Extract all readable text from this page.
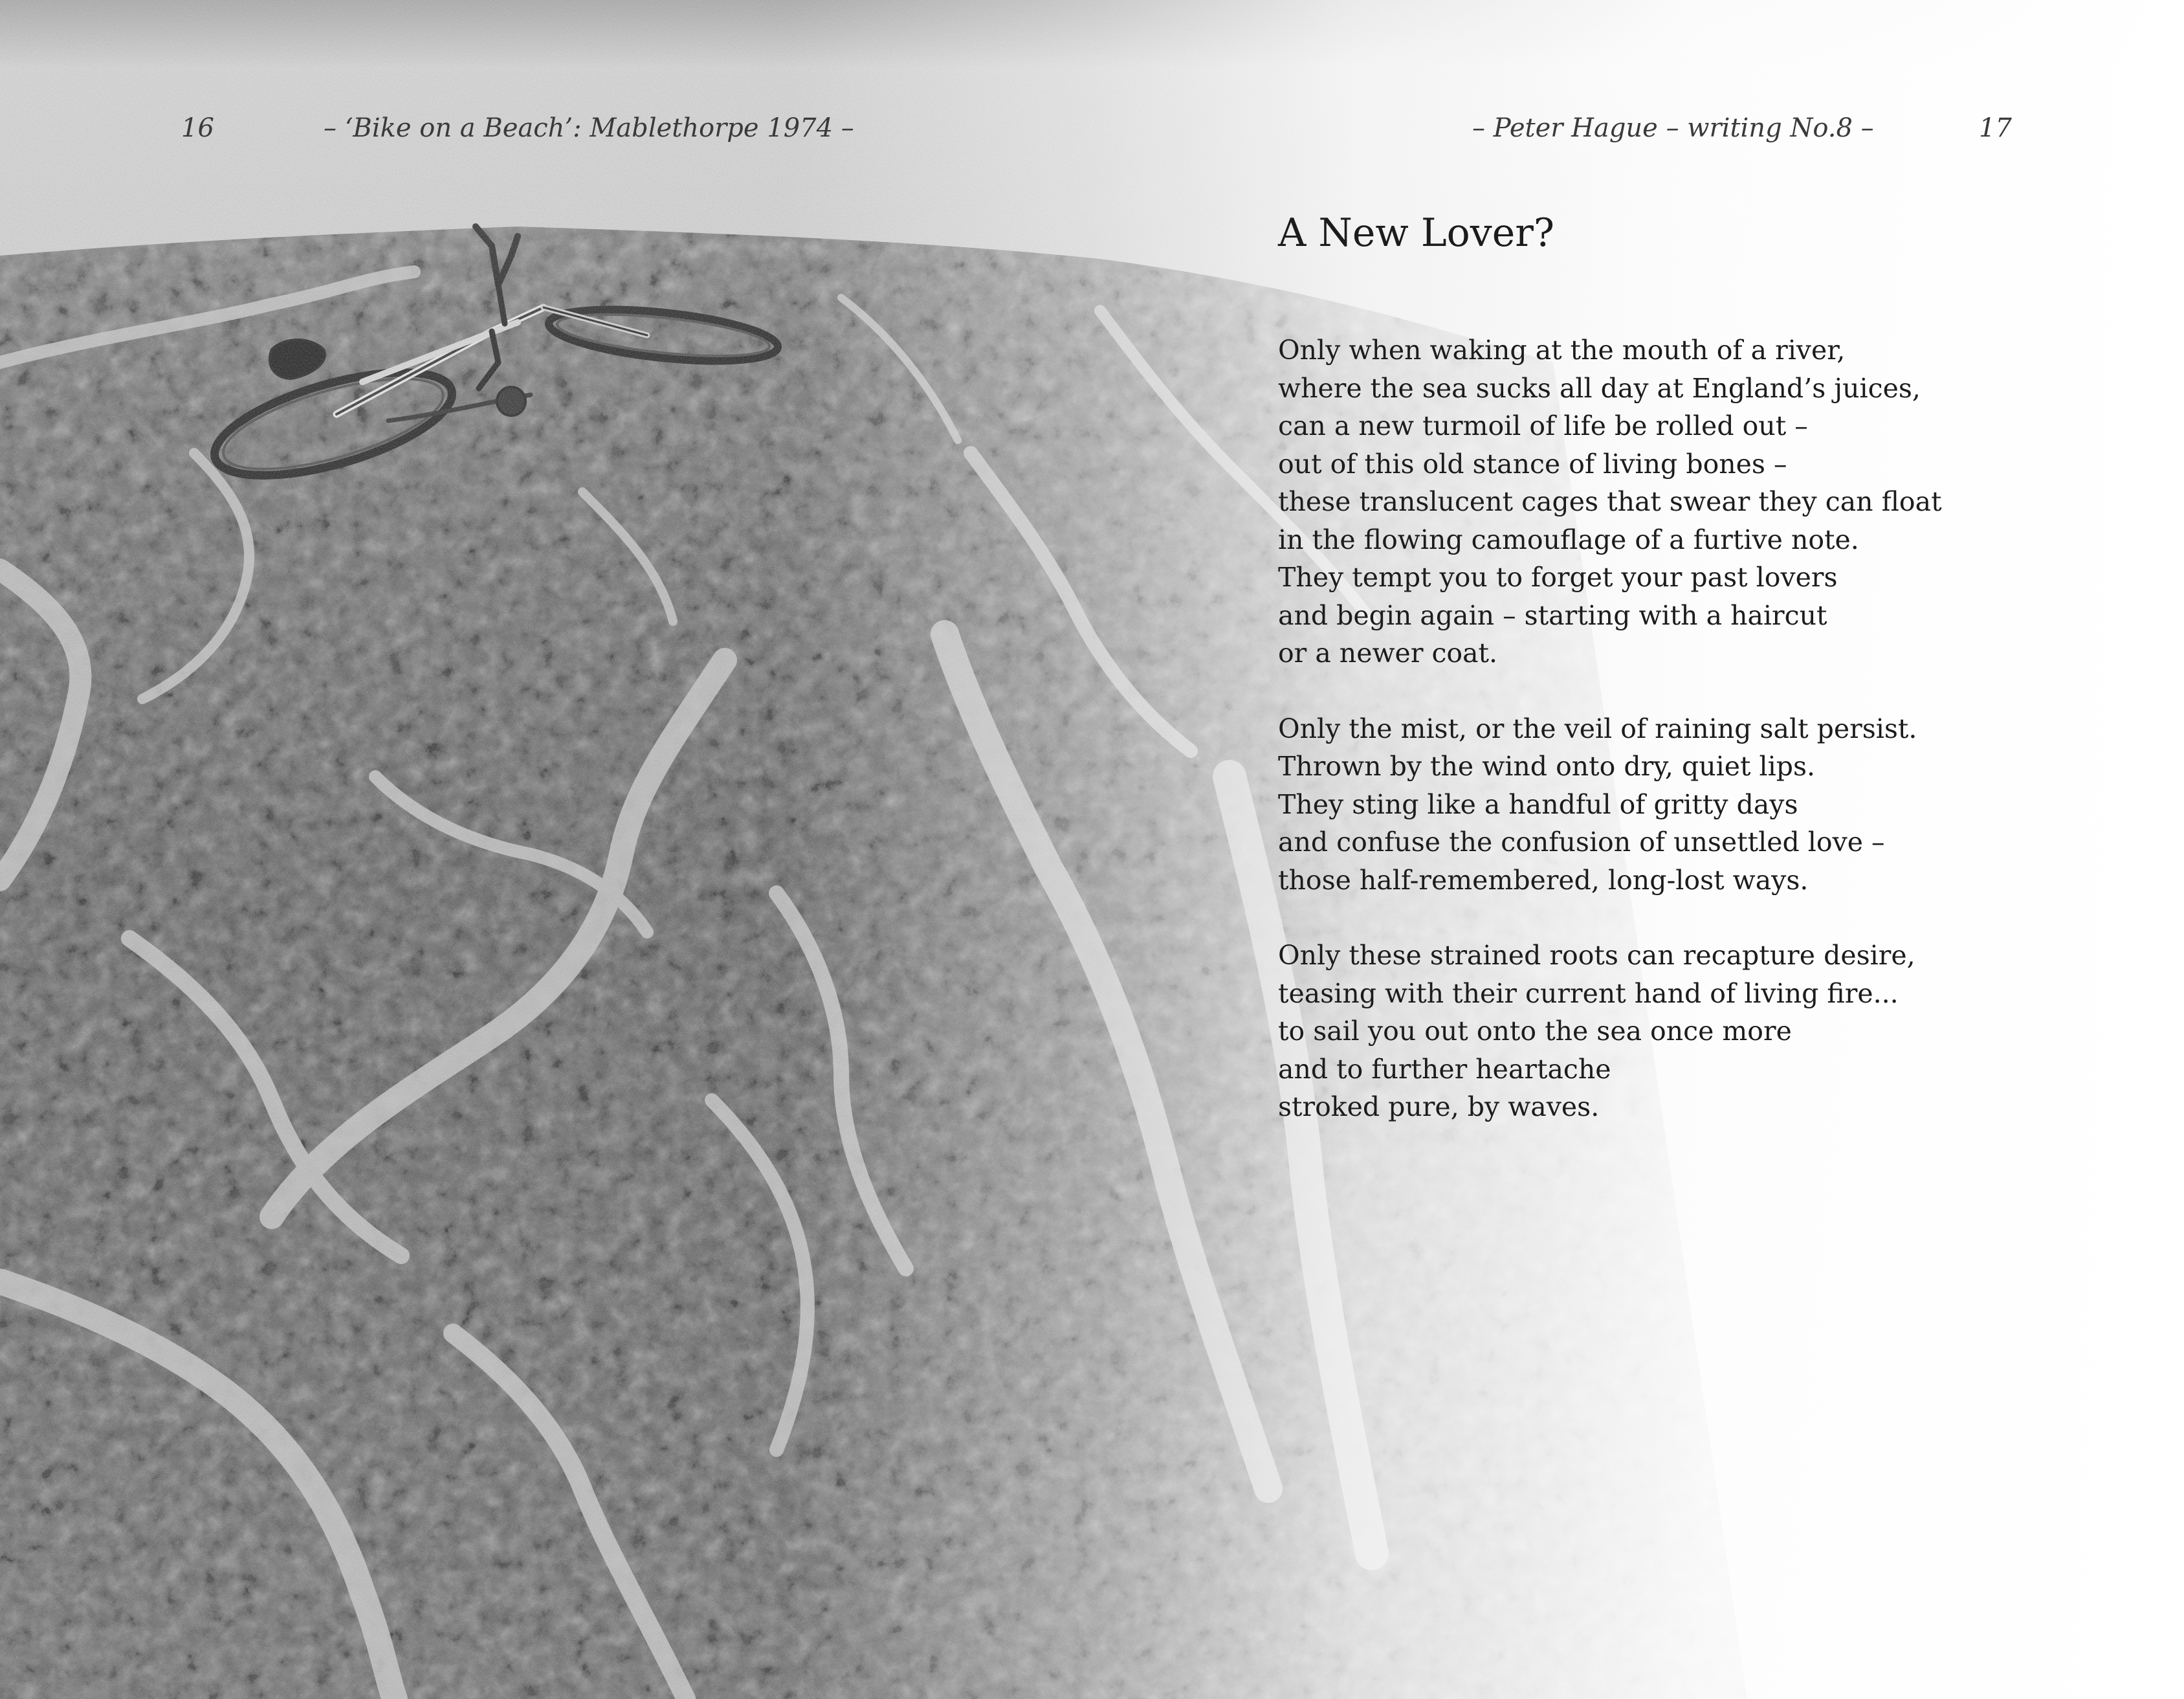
16	– ‘Bike on a Beach’: Mablethorpe 1974 –	– Peter Hague – writing No.8 –	17
A New Lover?
Only when waking at the mouth of a river,
where the sea sucks all day at England’s juices,
can a new turmoil of life be rolled out –
out of this old stance of living bones –
these translucent cages that swear they can float
in the flowing camouflage of a furtive note.
They tempt you to forget your past lovers
and begin again – starting with a haircut
or a newer coat.
Only the mist, or the veil of raining salt persist.
Thrown by the wind onto dry, quiet lips.
They sting like a handful of gritty days
and confuse the confusion of unsettled love –
those half-remembered, long-lost ways.
Only these strained roots can recapture desire,
teasing with their current hand of living fire...
to sail you out onto the sea once more
and to further heartache
stroked pure, by waves.
